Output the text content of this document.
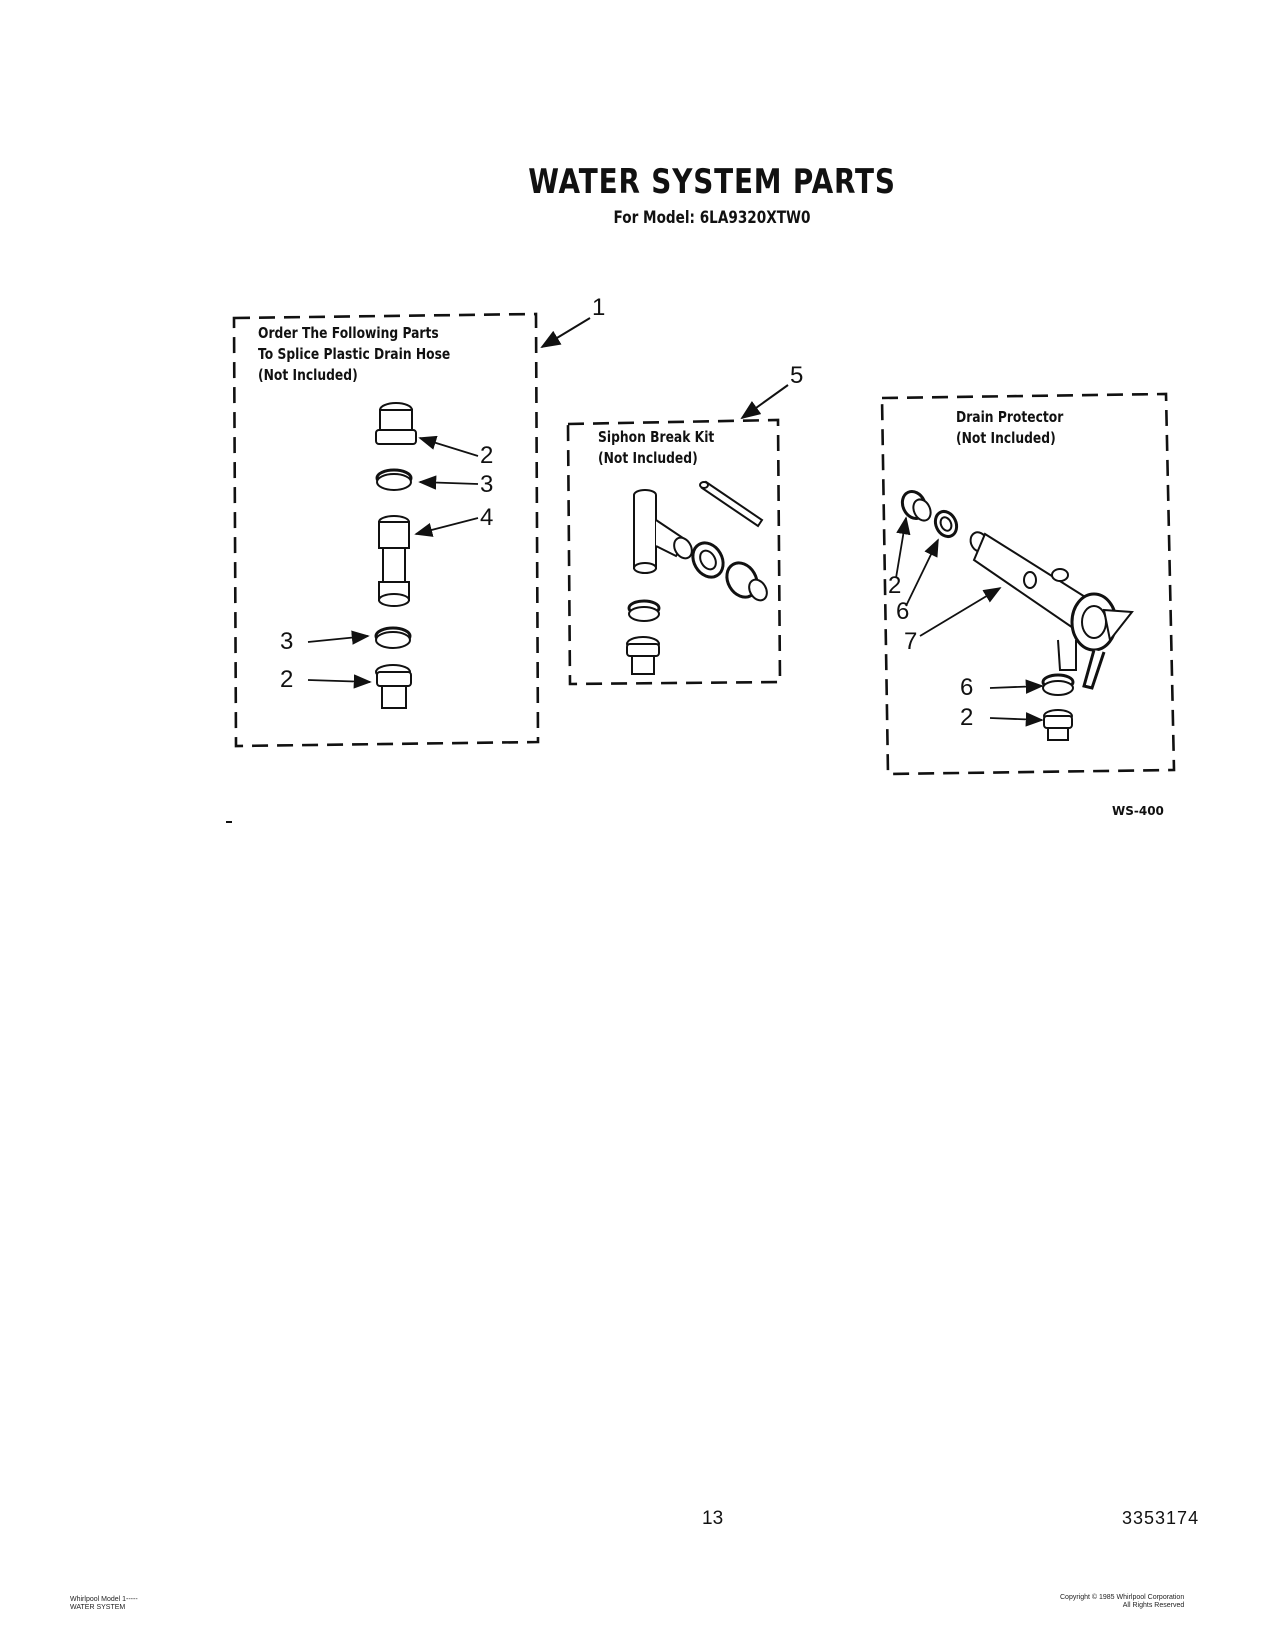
WATER SYSTEM PARTS
For Model: 6LA9320XTW0
Order The Following Parts
To Splice Plastic Drain Hose
(Not Included)
1
Siphon Break Kit
(Not Included)
5
Drain Protector
(Not Included)
2
3
4
3
2
2
6
7
6
2
WS-400
13	3353174
Whirlpool Model 1-----
WATER SYSTEM
Copyright © 1985 Whirlpool Corporation
All Rights Reserved
